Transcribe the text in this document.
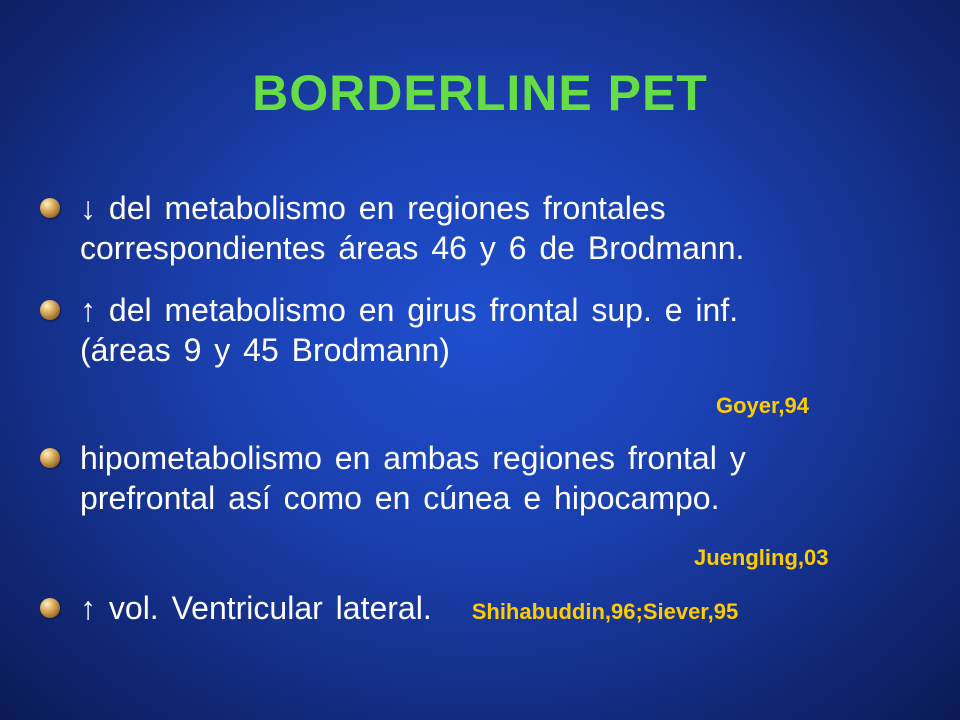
BORDERLINE PET
↓ del metabolismo en regiones frontales
correspondientes áreas 46 y 6 de Brodmann.
↑ del metabolismo en girus frontal sup. e inf.
(áreas 9 y 45 Brodmann)
Goyer,94
hipometabolismo en ambas regiones frontal y
prefrontal así como en cúnea e hipocampo.
Juengling,03
↑ vol. Ventricular lateral. Shihabuddin,96;Siever,95
